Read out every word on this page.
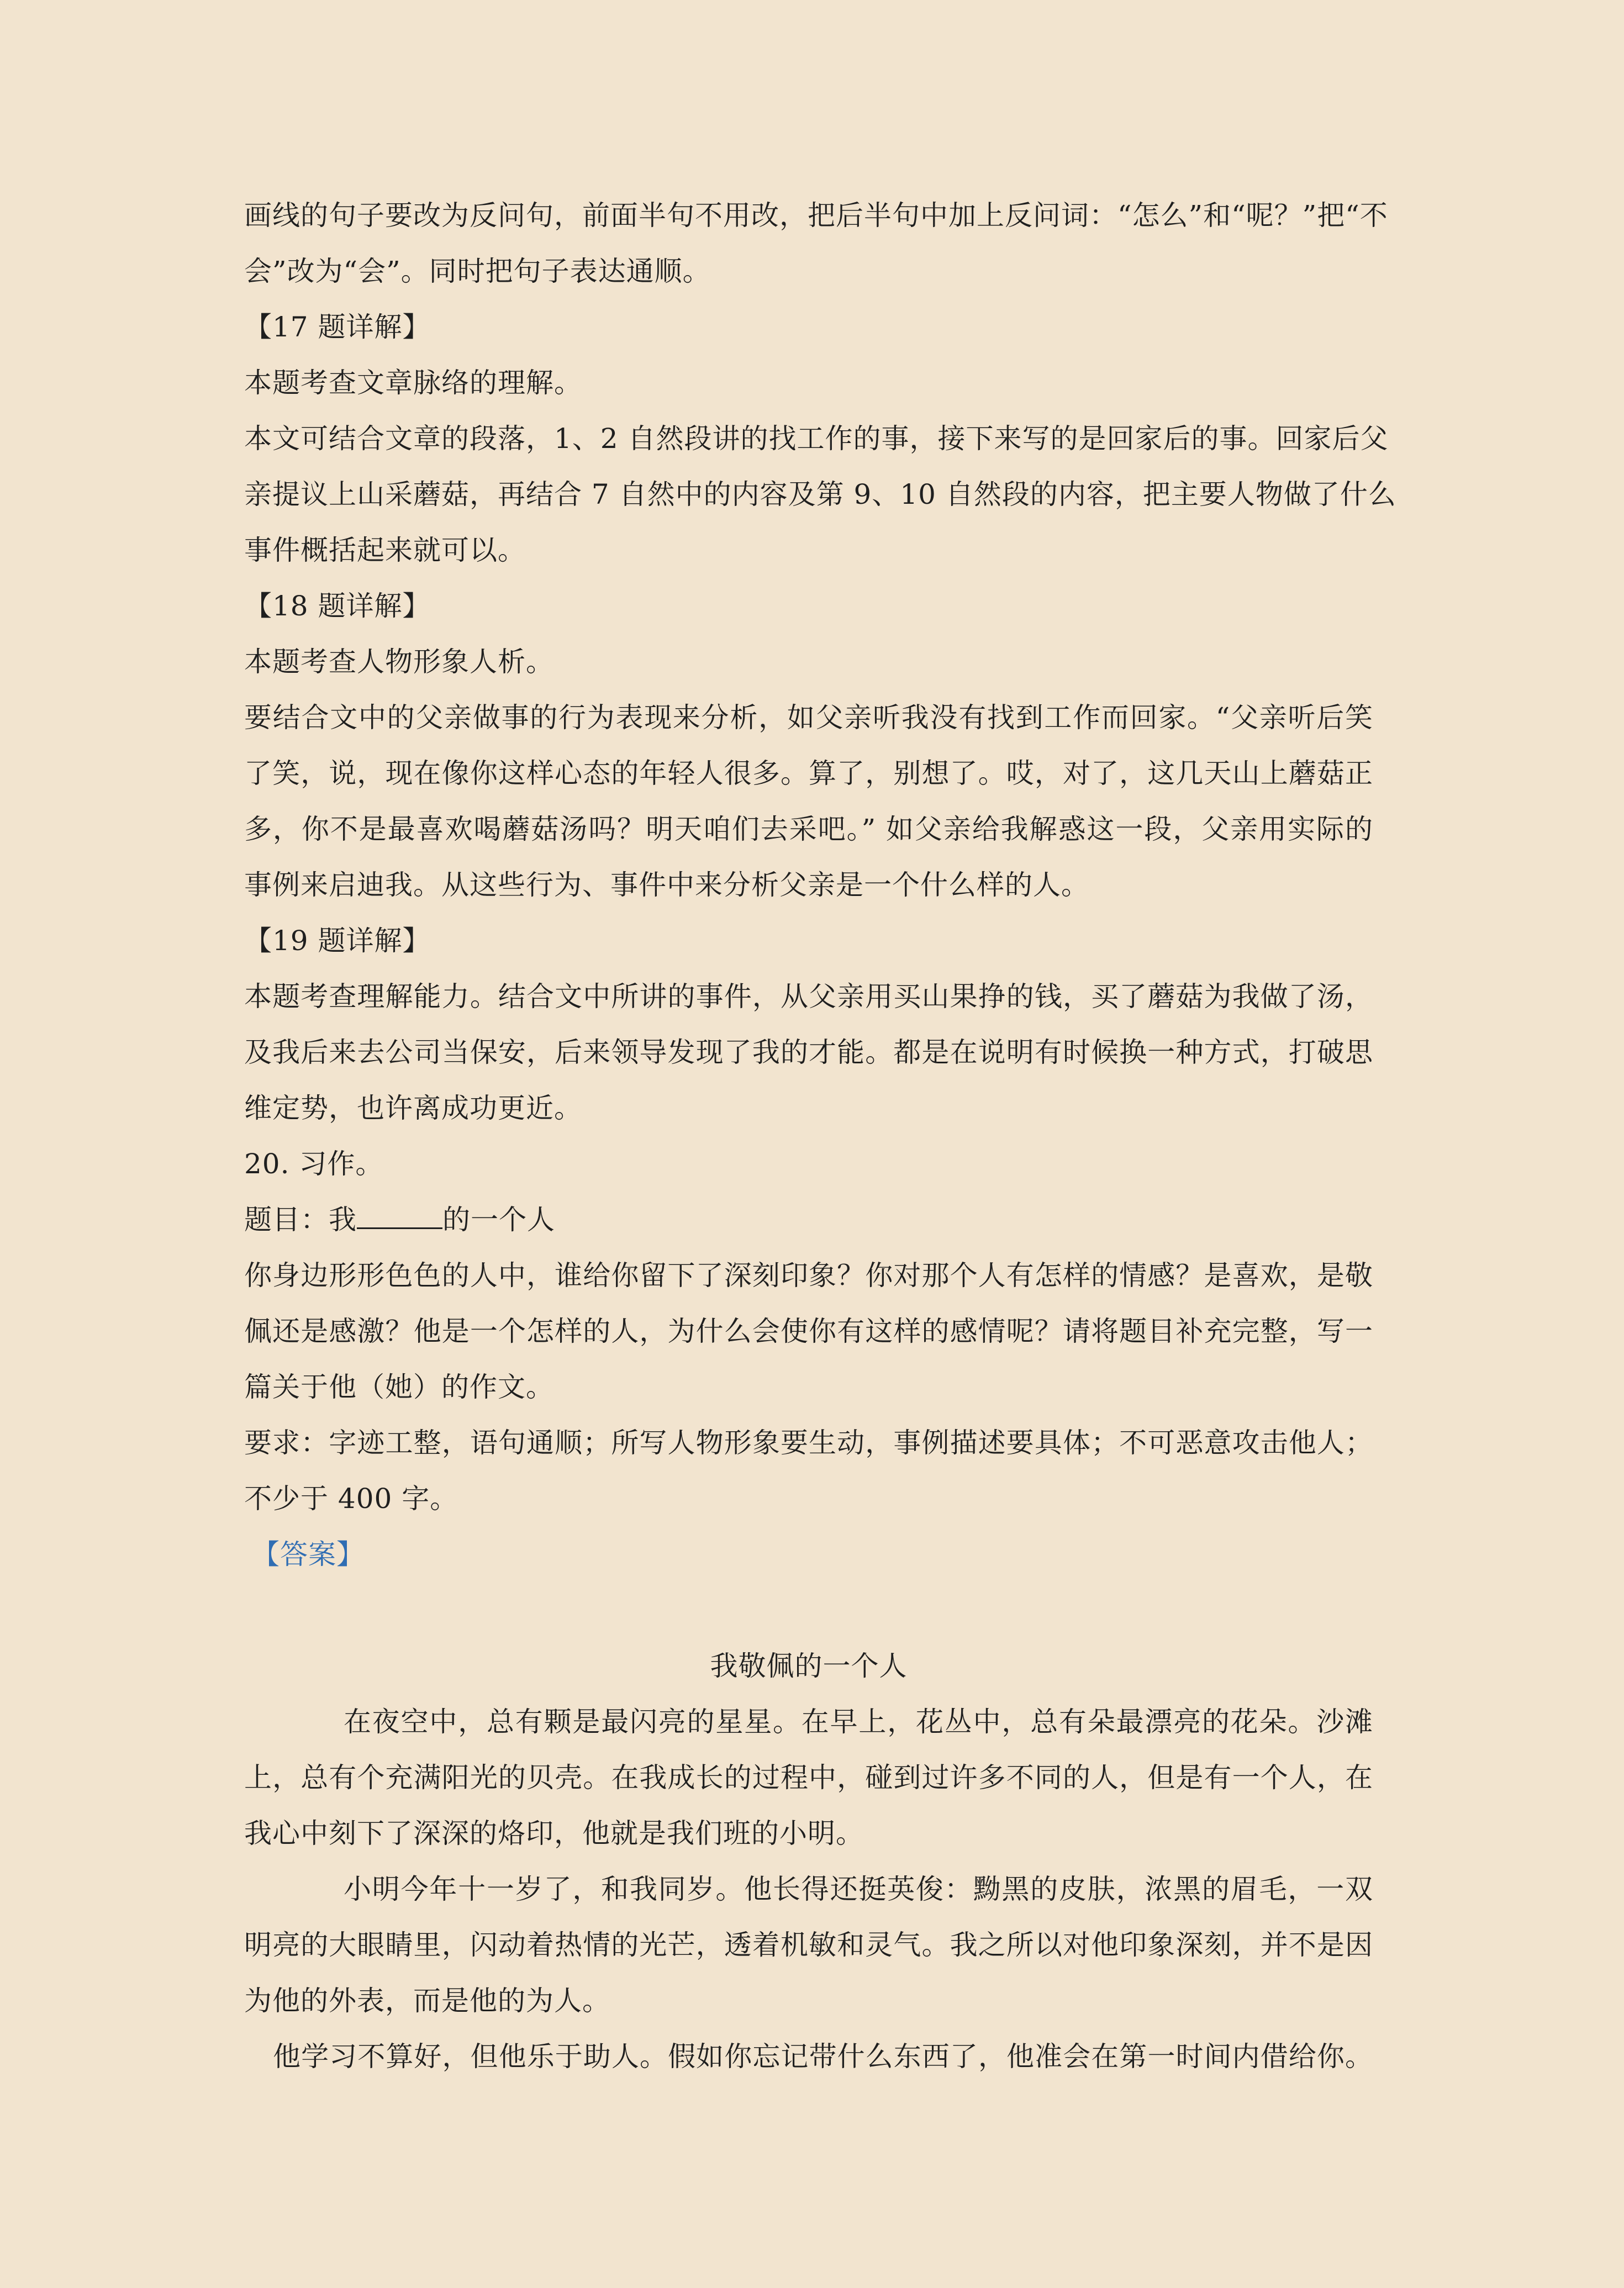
画线的句子要改为反问句，前面半句不用改，把后半句中加上反问词：“怎么”和“呢？”把“不
会”改为“会”。同时把句子表达通顺。
【17 题详解】
本题考查文章脉络的理解。
本文可结合文章的段落，1、2 自然段讲的找工作的事，接下来写的是回家后的事。回家后父
亲提议上山采蘑菇，再结合 7 自然中的内容及第 9、10 自然段的内容，把主要人物做了什么
事件概括起来就可以。
【18 题详解】
本题考查人物形象人析。
要结合文中的父亲做事的行为表现来分析，如父亲听我没有找到工作而回家。“父亲听后笑
了笑，说，现在像你这样心态的年轻人很多。算了，别想了。哎，对了，这几天山上蘑菇正
多，你不是最喜欢喝蘑菇汤吗？明天咱们去采吧。” 如父亲给我解惑这一段，父亲用实际的
事例来启迪我。从这些行为、事件中来分析父亲是一个什么样的人。
【19 题详解】
本题考查理解能力。结合文中所讲的事件，从父亲用买山果挣的钱，买了蘑菇为我做了汤，
及我后来去公司当保安，后来领导发现了我的才能。都是在说明有时候换一种方式，打破思
维定势，也许离成功更近。
20. 习作。
题目：我	的一个人
你身边形形色色的人中，谁给你留下了深刻印象？你对那个人有怎样的情感？是喜欢，是敬
佩还是感激？他是一个怎样的人，为什么会使你有这样的感情呢？请将题目补充完整，写一
篇关于他（她）的作文。
要求：字迹工整，语句通顺；所写人物形象要生动，事例描述要具体；不可恶意攻击他人；
不少于 400 字。
【答案】
我敬佩的一个人
在夜空中，总有颗是最闪亮的星星。在早上，花丛中，总有朵最漂亮的花朵。沙滩
上，总有个充满阳光的贝壳。在我成长的过程中，碰到过许多不同的人，但是有一个人，在
我心中刻下了深深的烙印，他就是我们班的小明。
小明今年十一岁了，和我同岁。他长得还挺英俊：黝黑的皮肤，浓黑的眉毛，一双
明亮的大眼睛里，闪动着热情的光芒，透着机敏和灵气。我之所以对他印象深刻，并不是因
为他的外表，而是他的为人。
他学习不算好，但他乐于助人。假如你忘记带什么东西了，他准会在第一时间内借给你。
